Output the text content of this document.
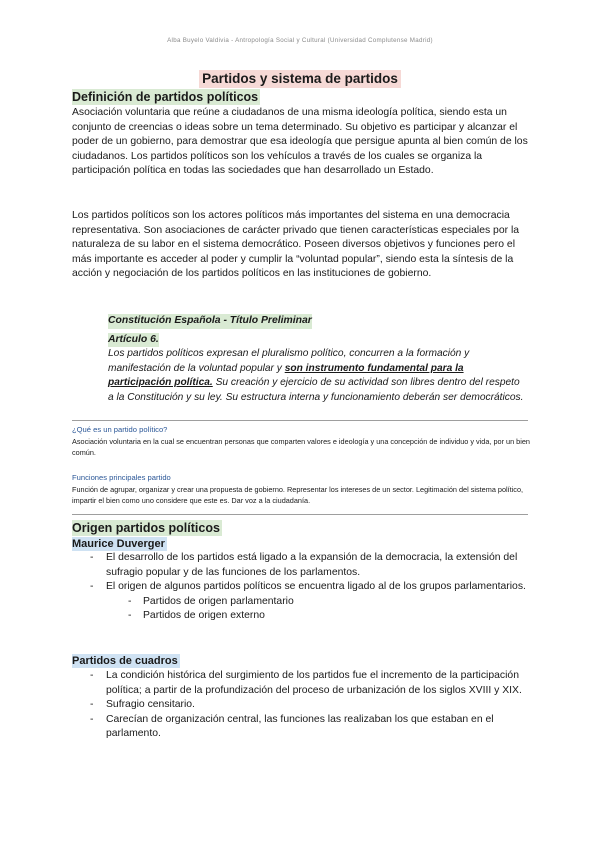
Alba Buyelo Valdivia - Antropología Social y Cultural (Universidad Complutense Madrid)
Partidos y sistema de partidos
Definición de partidos políticos

Asociación voluntaria que reúne a ciudadanos de una misma ideología política, siendo esta un conjunto de creencias o ideas sobre un tema determinado. Su objetivo es participar y alcanzar el poder de un gobierno, para demostrar que esa ideología que persigue apunta al bien común de los ciudadanos. Los partidos políticos son los vehículos a través de los cuales se organiza la participación política en todas las sociedades que han desarrollado un Estado.

Los partidos políticos son los actores políticos más importantes del sistema en una democracia representativa. Son asociaciones de carácter privado que tienen características especiales por la naturaleza de su labor en el sistema democrático. Poseen diversos objetivos y funciones pero el más importante es acceder al poder y cumplir la “voluntad popular”, siendo esta la síntesis de la acción y negociación de los partidos políticos en las instituciones de gobierno.

Constitución Española - Título Preliminar
Artículo 6.

Los partidos políticos expresan el pluralismo político, concurren a la formación y manifestación de la voluntad popular y son instrumento fundamental para la participación política. Su creación y ejercicio de su actividad son libres dentro del respeto a la Constitución y su ley. Su estructura interna y funcionamiento deberán ser democráticos.

¿Qué es un partido político?

Asociación voluntaria en la cual se encuentran personas que comparten valores e ideología y una concepción de individuo y vida, por un bien común.

Funciones principales partido

Función de agrupar, organizar y crear una propuesta de gobierno. Representar los intereses de un sector. Legitimación del sistema político, impartir el bien como uno considere que este es. Dar voz a la ciudadanía.

Origen partidos políticos
Maurice Duverger
- El desarrollo de los partidos está ligado a la expansión de la democracia, la extensión del sufragio popular y de las funciones de los parlamentos.
- El origen de algunos partidos políticos se encuentra ligado al de los grupos parlamentarios.
- Partidos de origen parlamentario
- Partidos de origen externo
Partidos de cuadros
- La condición histórica del surgimiento de los partidos fue el incremento de la participación política; a partir de la profundización del proceso de urbanización de los siglos XVIII y XIX.
- Sufragio censitario.
- Carecían de organización central, las funciones las realizaban los que estaban en el parlamento.
